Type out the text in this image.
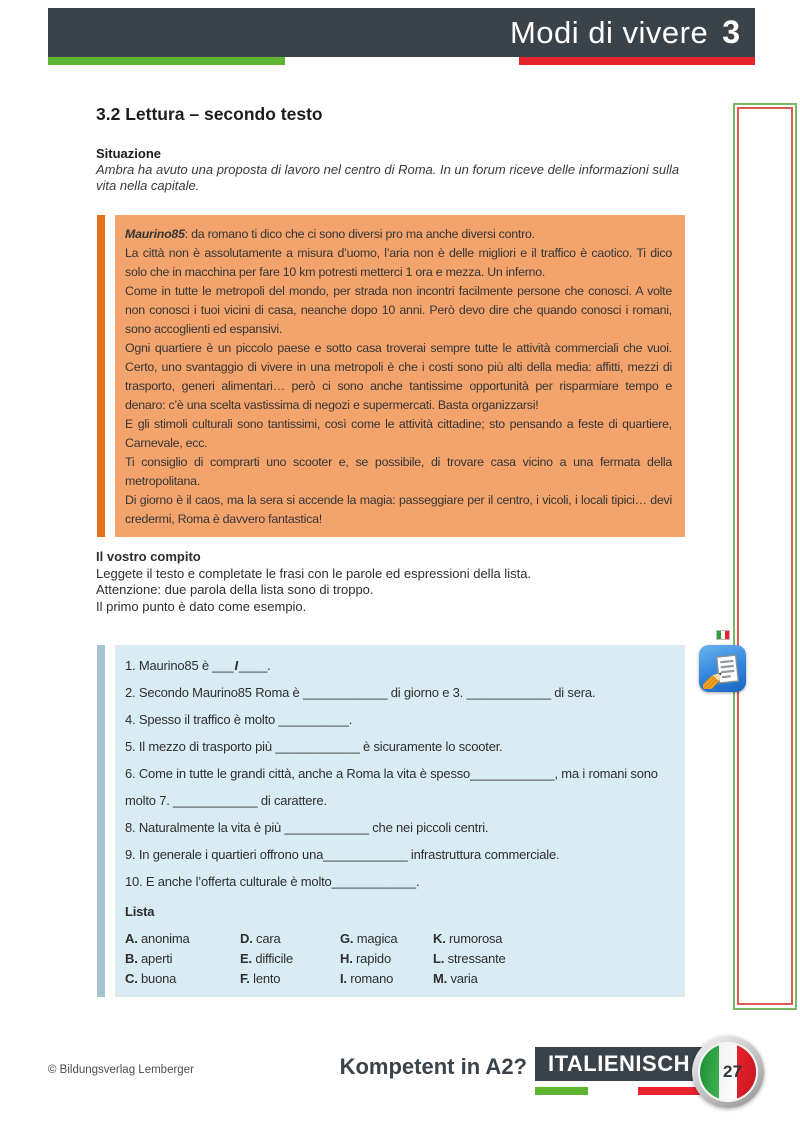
Modi di vivere 3
3.2 Lettura – secondo testo
Situazione
Ambra ha avuto una proposta di lavoro nel centro di Roma. In un forum riceve delle informazioni sulla vita nella capitale.

Maurino85: da romano ti dico che ci sono diversi pro ma anche diversi contro.

La città non è assolutamente a misura d’uomo, l’aria non è delle migliori e il traffico è caotico. Ti dico solo che in macchina per fare 10 km potresti metterci 1 ora e mezza. Un inferno.

Come in tutte le metropoli del mondo, per strada non incontri facilmente persone che conosci. A volte non conosci i tuoi vicini di casa, neanche dopo 10 anni. Però devo dire che quando conosci i romani, sono accoglienti ed espansivi.

Ogni quartiere è un piccolo paese e sotto casa troverai sempre tutte le attività commerciali che vuoi. Certo, uno svantaggio di vivere in una metropoli è che i costi sono più alti della media: affitti, mezzi di trasporto, generi alimentari… però ci sono anche tantissime opportunità per risparmiare tempo e denaro: c’è una scelta vastissima di negozi e supermercati. Basta organizzarsi!

E gli stimoli culturali sono tantissimi, così come le attività cittadine; sto pensando a feste di quartiere, Carnevale, ecc.

Ti consiglio di comprarti uno scooter e, se possibile, di trovare casa vicino a una fermata della metropolitana.

Di giorno è il caos, ma la sera si accende la magia: passeggiare per il centro, i vicoli, i locali tipici… devi credermi, Roma è davvero fantastica!

Il vostro compito
Leggete il testo e completate le frasi con le parole ed espressioni della lista.
Attenzione: due parola della lista sono di troppo.
Il primo punto è dato come esempio.

1. Maurino85 è ___I____.

2. Secondo Maurino85 Roma è ____________ di giorno e 3. ____________ di sera.

4. Spesso il traffico è molto __________.

5. Il mezzo di trasporto più ____________ è sicuramente lo scooter.

6. Come in tutte le grandi città, anche a Roma la vita è spesso____________, ma i romani sono molto 7. ____________ di carattere.

8. Naturalmente la vita è più ____________ che nei piccoli centri.

9. In generale i quartieri offrono una____________ infrastruttura commerciale.

10. E anche l’offerta culturale è molto____________.

Lista
A. anonima
B. aperti
C. buona
D. cara
E. difficile
F. lento
G. magica
H. rapido
I. romano
K. rumorosa
L. stressante
M. varia
© Bildungsverlag Lemberger	Kompetent in A2? ITALIENISCH	27
